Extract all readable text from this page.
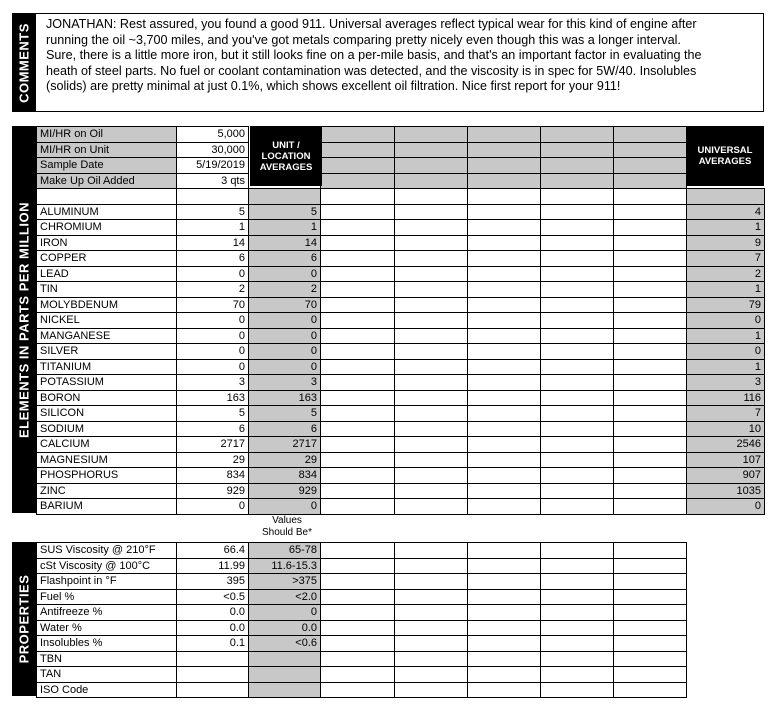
COMMENTS JONATHAN: Rest assured, you found a good 911. Universal averages reflect typical wear for this kind of engine after running the oil ~3,700 miles, and you've got metals comparing pretty nicely even though this was a longer interval. Sure, there is a little more iron, but it still looks fine on a per-mile basis, and that's an important factor in evaluating the heath of steel parts. No fuel or coolant contamination was detected, and the viscosity is in spec for 5W/40. Insolubles (solids) are pretty minimal at just 0.1%, which shows excellent oil filtration. Nice first report for your 911!
ELEMENTS IN PARTS PER MILLION
MI/HR on Oil	5,000							
MI/HR on Unit	30,000							
Sample Date	5/19/2019							
Make Up Oil Added	3 qts							

ALUMINUM	5	5						4
CHROMIUM	1	1						1
IRON	14	14						9
COPPER	6	6						7
LEAD	0	0						2
TIN	2	2						1
MOLYBDENUM	70	70						79
NICKEL	0	0						0
MANGANESE	0	0						1
SILVER	0	0						0
TITANIUM	0	0						1
POTASSIUM	3	3						3
BORON	163	163						116
SILICON	5	5						7
SODIUM	6	6						10
CALCIUM	2717	2717						2546
MAGNESIUM	29	29						107
PHOSPHORUS	834	834						907
ZINC	929	929						1035
BARIUM	0	0						0
UNIT / LOCATION AVERAGES
UNIVERSAL AVERAGES
Values Should Be*
PROPERTIES
SUS Viscosity @ 210°F	66.4	65-78					
cSt Viscosity @ 100°C	11.99	11.6-15.3					
Flashpoint in °F	395	>375					
Fuel %	<0.5	<2.0					
Antifreeze %	0.0	0					
Water %	0.0	0.0					
Insolubles %	0.1	<0.6					
TBN							
TAN							
ISO Code							
